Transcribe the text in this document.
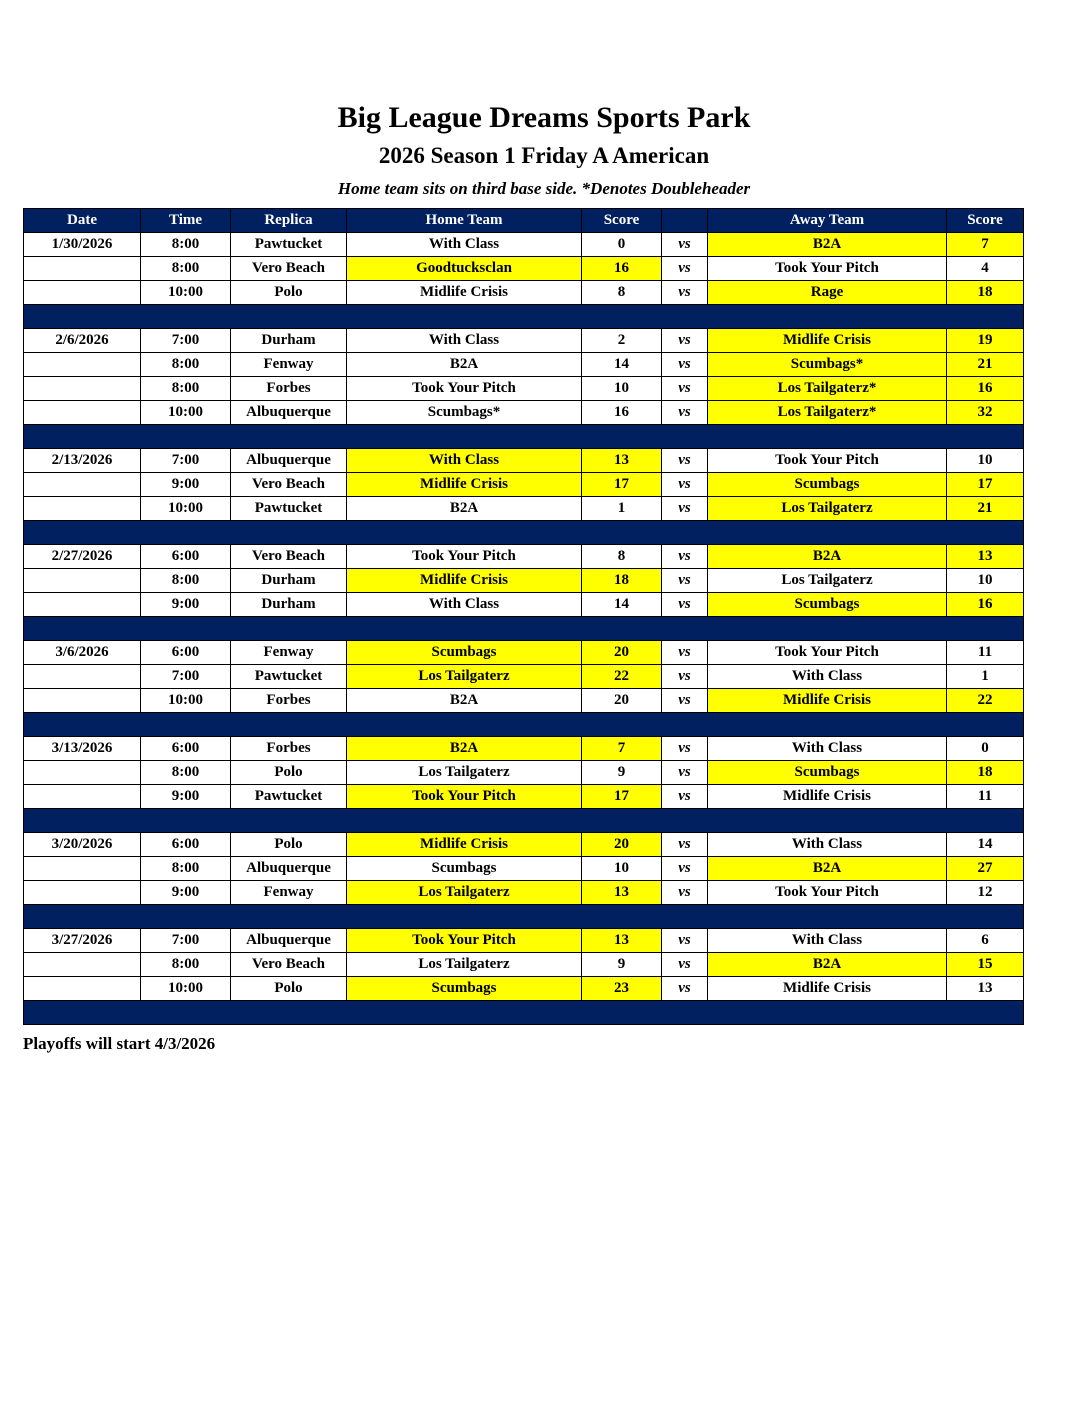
Big League Dreams Sports Park
2026 Season 1 Friday A American
Home team sits on third base side. *Denotes Doubleheader
Date	Time	Replica	Home Team	Score		Away Team	Score
1/30/2026	8:00	Pawtucket	With Class	0	vs	B2A	7
	8:00	Vero Beach	Goodtucksclan	16	vs	Took Your Pitch	4
	10:00	Polo	Midlife Crisis	8	vs	Rage	18

2/6/2026	7:00	Durham	With Class	2	vs	Midlife Crisis	19
	8:00	Fenway	B2A	14	vs	Scumbags*	21
	8:00	Forbes	Took Your Pitch	10	vs	Los Tailgaterz*	16
	10:00	Albuquerque	Scumbags*	16	vs	Los Tailgaterz*	32

2/13/2026	7:00	Albuquerque	With Class	13	vs	Took Your Pitch	10
	9:00	Vero Beach	Midlife Crisis	17	vs	Scumbags	17
	10:00	Pawtucket	B2A	1	vs	Los Tailgaterz	21

2/27/2026	6:00	Vero Beach	Took Your Pitch	8	vs	B2A	13
	8:00	Durham	Midlife Crisis	18	vs	Los Tailgaterz	10
	9:00	Durham	With Class	14	vs	Scumbags	16

3/6/2026	6:00	Fenway	Scumbags	20	vs	Took Your Pitch	11
	7:00	Pawtucket	Los Tailgaterz	22	vs	With Class	1
	10:00	Forbes	B2A	20	vs	Midlife Crisis	22

3/13/2026	6:00	Forbes	B2A	7	vs	With Class	0
	8:00	Polo	Los Tailgaterz	9	vs	Scumbags	18
	9:00	Pawtucket	Took Your Pitch	17	vs	Midlife Crisis	11

3/20/2026	6:00	Polo	Midlife Crisis	20	vs	With Class	14
	8:00	Albuquerque	Scumbags	10	vs	B2A	27
	9:00	Fenway	Los Tailgaterz	13	vs	Took Your Pitch	12

3/27/2026	7:00	Albuquerque	Took Your Pitch	13	vs	With Class	6
	8:00	Vero Beach	Los Tailgaterz	9	vs	B2A	15
	10:00	Polo	Scumbags	23	vs	Midlife Crisis	13

Playoffs will start 4/3/2026
